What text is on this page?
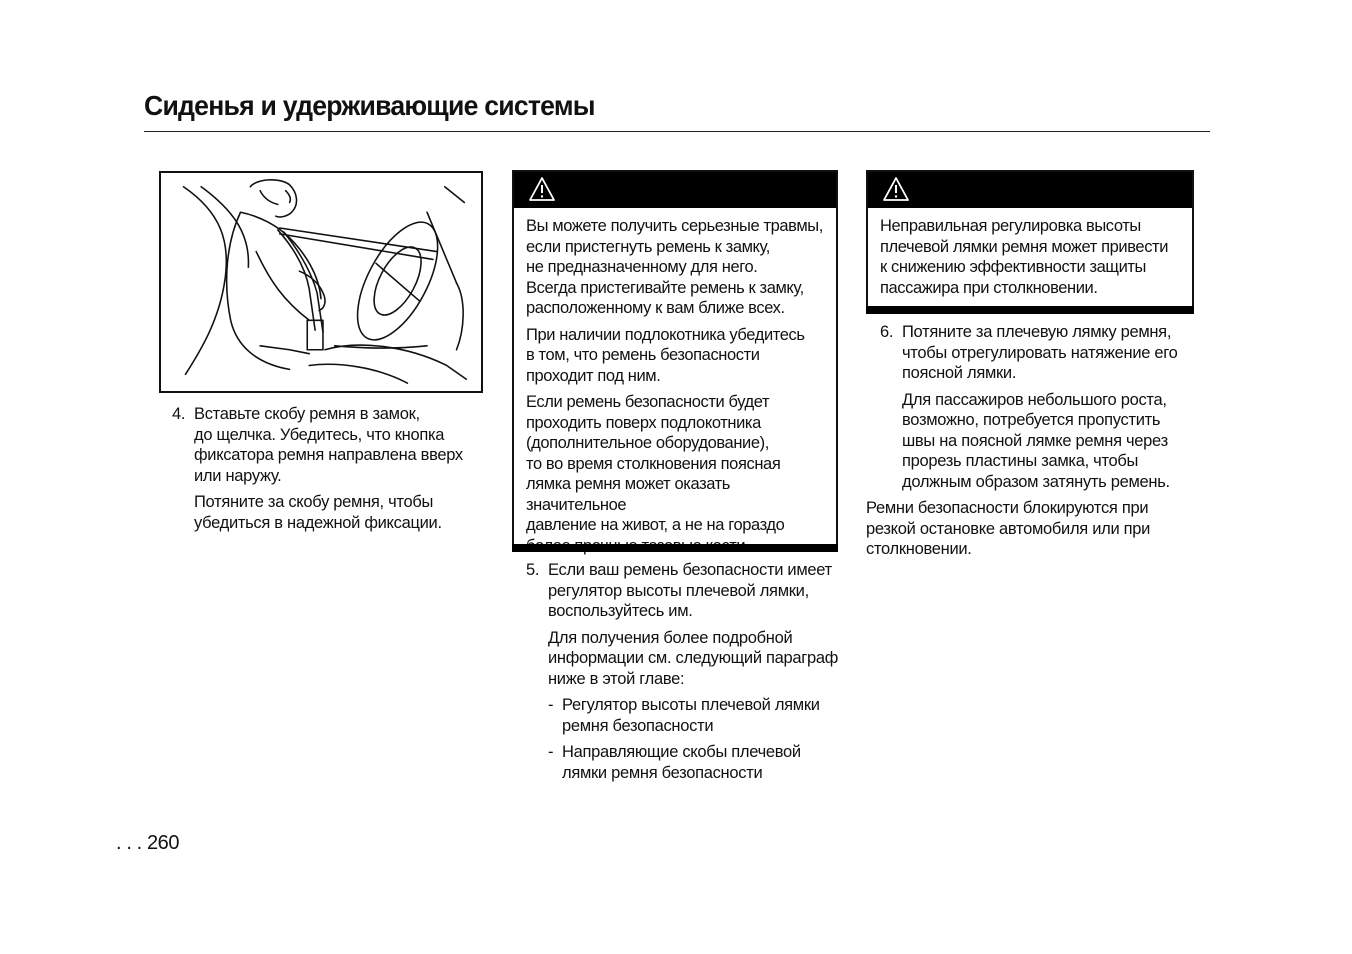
Сиденья и удерживающие системы
4. Вставьте скобу ремня в замок,

до щелчка. Убедитесь, что кнопка

фиксатора ремня направлена вверх

или наружу.

Потяните за скобу ремня, чтобы

убедиться в надежной фиксации.

Вы можете получить серьезные травмы,
если пристегнуть ремень к замку,
не предназначенному для него.
Всегда пристегивайте ремень к замку,
расположенному к вам ближе всех.

При наличии подлокотника убедитесь
в том, что ремень безопасности
проходит под ним.

Если ремень безопасности будет
проходить поверх подлокотника
(дополнительное оборудование),
то во время столкновения поясная
лямка ремня может оказать значительное
давление на живот, а не на гораздо

5. Если ваш ремень безопасности имеет

регулятор высоты плечевой лямки,

воспользуйтесь им.

Для получения более подробной

информации см. следующий параграф

ниже в этой главе:

- Регулятор высоты плечевой лямки

ремня безопасности

- Направляющие скобы плечевой

лямки ремня безопасности

Неправильная регулировка высоты
плечевой лямки ремня может привести
к снижению эффективности защиты
пассажира при столкновении.

6. Потяните за плечевую лямку ремня,

чтобы отрегулировать натяжение его

поясной лямки.

Для пассажиров небольшого роста,

возможно, потребуется пропустить

швы на поясной лямке ремня через

прорезь пластины замка, чтобы

должным образом затянуть ремень.

Ремни безопасности блокируются при

резкой остановке автомобиля или при

столкновении.

. . . 260
